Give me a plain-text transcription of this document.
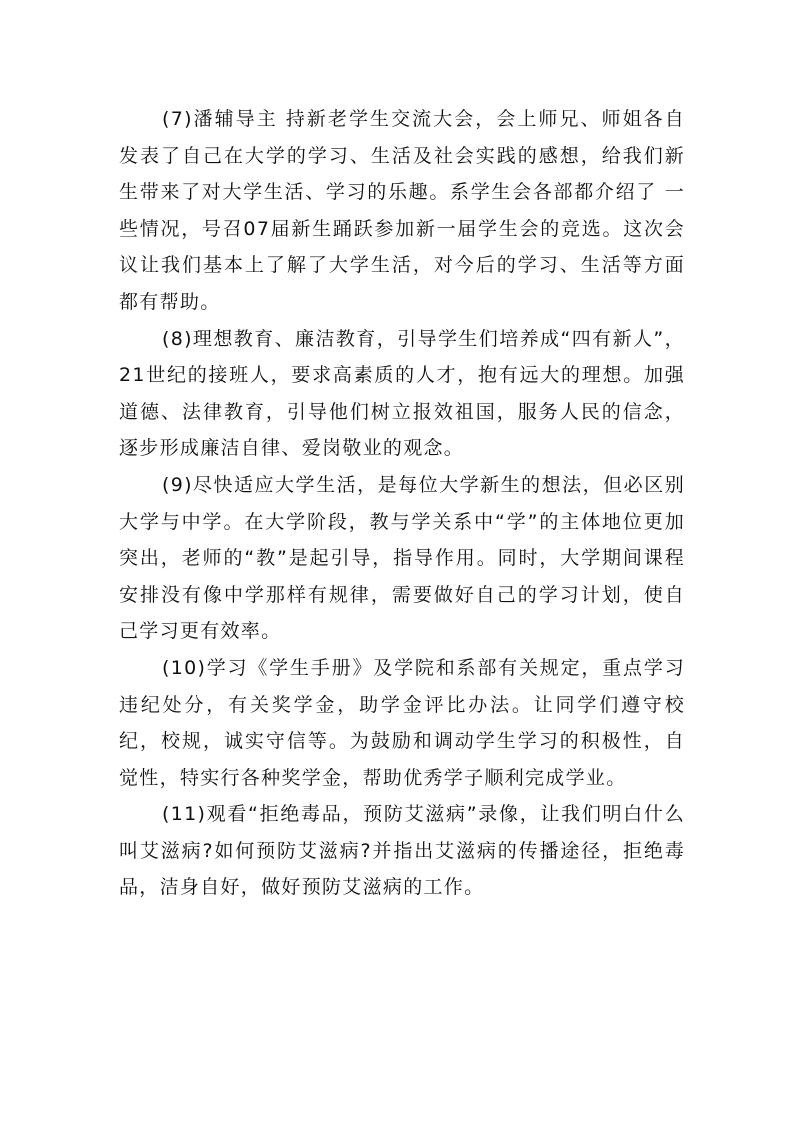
(7)潘辅导主 持新老学生交流大会，会上师兄、师姐各自发表了自己在大学的学习、生活及社会实践的感想，给我们新生带来了对大学生活、学习的乐趣。系学生会各部都介绍了 一些情况，号召07届新生踊跃参加新一届学生会的竞选。这次会议让我们基本上了解了大学生活，对今后的学习、生活等方面都有帮助。

(8)理想教育、廉洁教育，引导学生们培养成“四有新人”，21世纪的接班人，要求高素质的人才，抱有远大的理想。加强道德、法律教育，引导他们树立报效祖国，服务人民的信念，逐步形成廉洁自律、爱岗敬业的观念。

(9)尽快适应大学生活，是每位大学新生的想法，但必区别大学与中学。在大学阶段，教与学关系中“学”的主体地位更加突出，老师的“教”是起引导，指导作用。同时，大学期间课程安排没有像中学那样有规律，需要做好自己的学习计划，使自己学习更有效率。

(10)学习《学生手册》及学院和系部有关规定，重点学习违纪处分，有关奖学金，助学金评比办法。让同学们遵守校纪，校规，诚实守信等。为鼓励和调动学生学习的积极性，自觉性，特实行各种奖学金，帮助优秀学子顺利完成学业。

(11)观看“拒绝毒品，预防艾滋病”录像，让我们明白什么叫艾滋病?如何预防艾滋病?并指出艾滋病的传播途径，拒绝毒品，洁身自好，做好预防艾滋病的工作。
